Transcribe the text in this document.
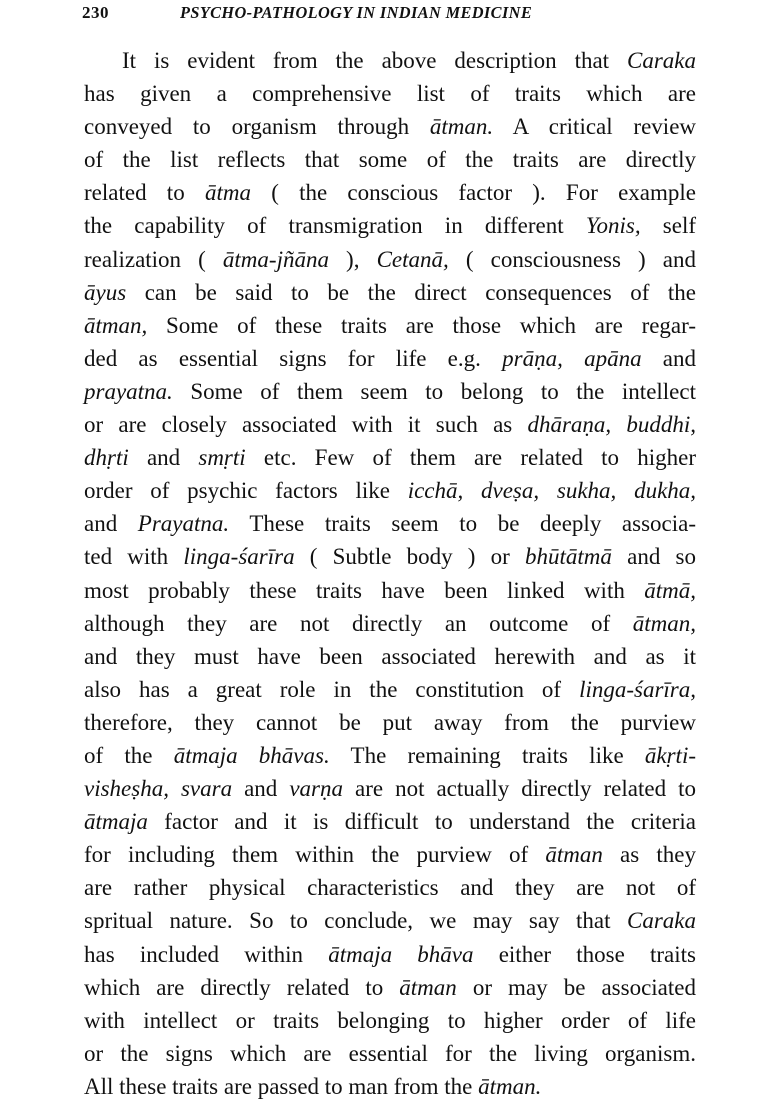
230	PSYCHO-PATHOLOGY IN INDIAN MEDICINE
It is evident from the above description that Caraka
has given a comprehensive list of traits which are
conveyed to organism through ātman. A critical review
of the list reflects that some of the traits are directly
related to ātma ( the conscious factor ). For example
the capability of transmigration in different Yonis, self
realization ( ātma-jñāna ), Cetanā, ( consciousness ) and
āyus can be said to be the direct consequences of the
ātman, Some of these traits are those which are regar-
ded as essential signs for life e.g. prāṇa, apāna and
prayatna. Some of them seem to belong to the intellect
or are closely associated with it such as dhāraṇa, buddhi,
dhṛti and smṛti etc. Few of them are related to higher
order of psychic factors like icchā, dveṣa, sukha, dukha,
and Prayatna. These traits seem to be deeply associa-
ted with linga-śarīra ( Subtle body ) or bhūtātmā and so
most probably these traits have been linked with ātmā,
although they are not directly an outcome of ātman,
and they must have been associated herewith and as it
also has a great role in the constitution of linga-śarīra,
therefore, they cannot be put away from the purview
of the ātmaja bhāvas. The remaining traits like ākṛti-
visheṣha, svara and varṇa are not actually directly related to
ātmaja factor and it is difficult to understand the criteria
for including them within the purview of ātman as they
are rather physical characteristics and they are not of
spritual nature. So to conclude, we may say that Caraka
has included within ātmaja bhāva either those traits
which are directly related to ātman or may be associated
with intellect or traits belonging to higher order of life
or the signs which are essential for the living organism.
All these traits are passed to man from the ātman.
